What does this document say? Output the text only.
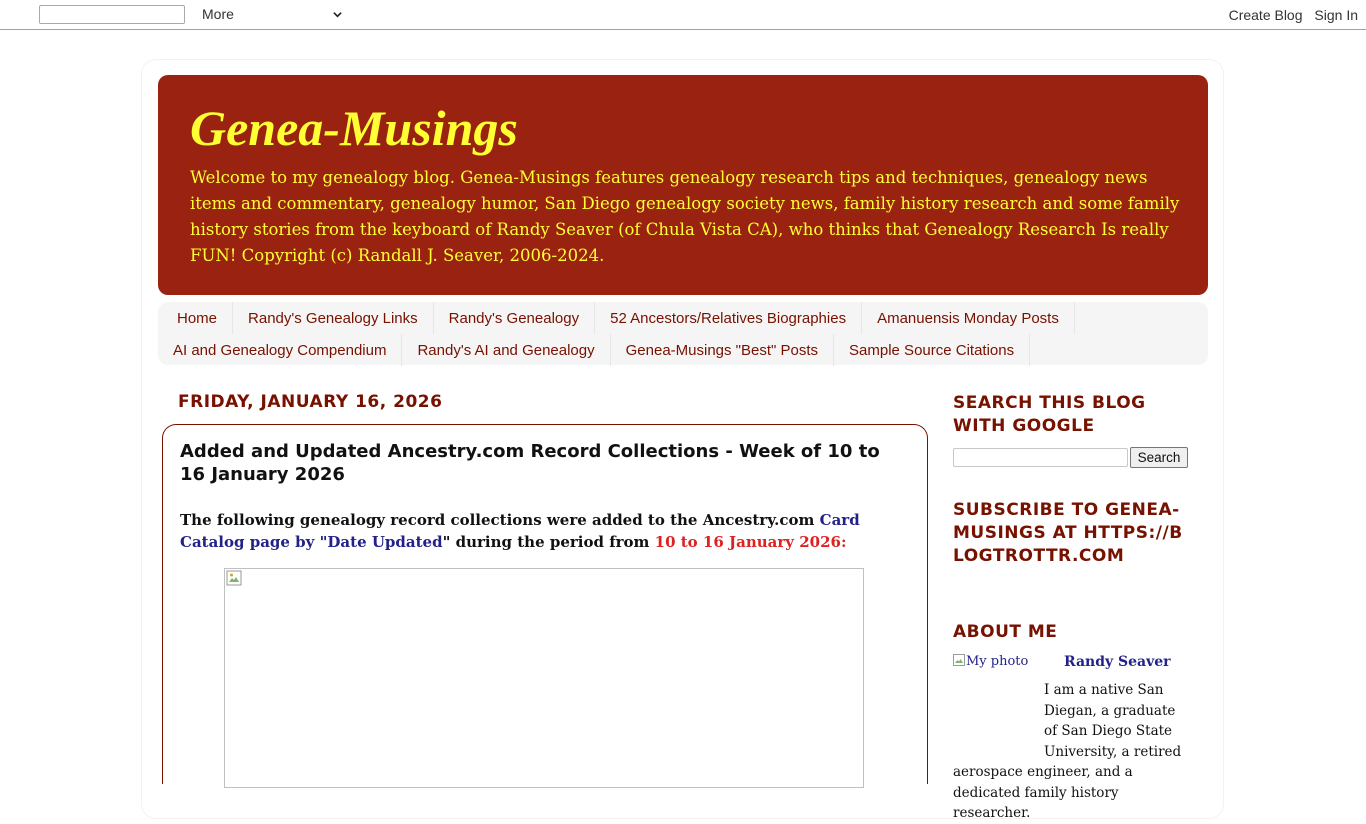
More	Create Blog Sign In
Genea-Musings
Welcome to my genealogy blog. Genea-Musings features genealogy research tips and techniques, genealogy news items and commentary, genealogy humor, San Diego genealogy society news, family history research and some family history stories from the keyboard of Randy Seaver (of Chula Vista CA), who thinks that Genealogy Research Is really FUN! Copyright (c) Randall J. Seaver, 2006-2024.
Home	Randy's Genealogy Links	Randy's Genealogy	52 Ancestors/Relatives Biographies	Amanuensis Monday Posts
AI and Genealogy Compendium	Randy's AI and Genealogy	Genea-Musings "Best" Posts	Sample Source Citations
FRIDAY, JANUARY 16, 2026
Added and Updated Ancestry.com Record Collections - Week of 10 to 16 January 2026
The following genealogy record collections were added to the Ancestry.com Card Catalog page by "Date Updated" during the period from 10 to 16 January 2026:
SEARCH THIS BLOG WITH GOOGLE
Search
SUBSCRIBE TO GENEA-MUSINGS AT HTTPS://BLOGTROTTR.COM
ABOUT ME
My photo	Randy Seaver
I am a native San Diegan, a graduate of San Diego State University, a retired aerospace engineer, and a dedicated family history researcher.
